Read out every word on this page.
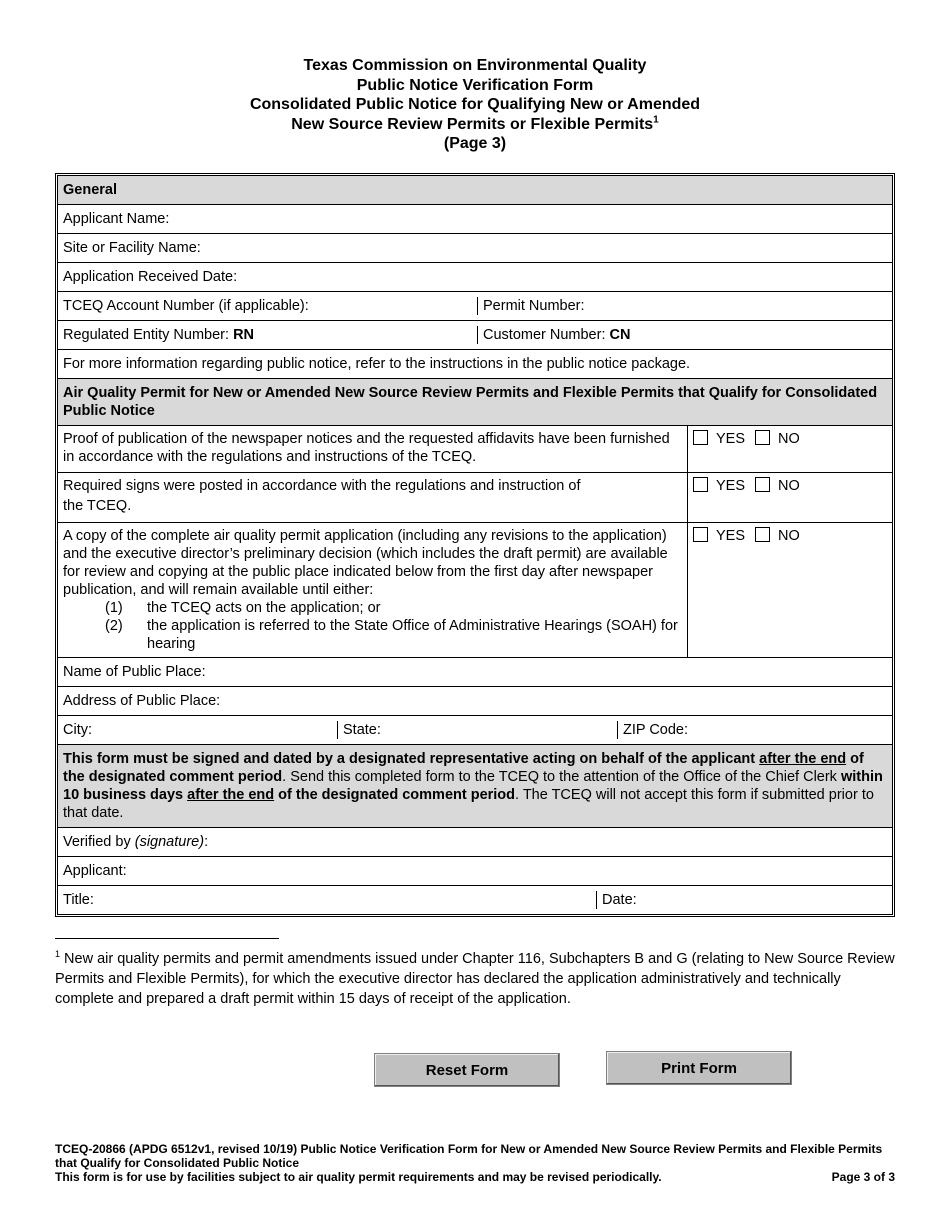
Texas Commission on Environmental Quality
Public Notice Verification Form
Consolidated Public Notice for Qualifying New or Amended
New Source Review Permits or Flexible Permits$^1$
(Page 3)
General
Applicant Name:
Site or Facility Name:
Application Received Date:
TCEQ Account Number (if applicable):	Permit Number:
Regulated Entity Number: RN	Customer Number: CN
For more information regarding public notice, refer to the instructions in the public notice package.
Air Quality Permit for New or Amended New Source Review Permits and Flexible Permits that Qualify for Consolidated Public Notice
Proof of publication of the newspaper notices and the requested affidavits have been furnished in accordance with the regulations and instructions of the TCEQ.
YES NO
Required signs were posted in accordance with the regulations and instruction of
the TCEQ.
YES NO
A copy of the complete air quality permit application (including any revisions to the application) and the executive director’s preliminary decision (which includes the draft permit) are available for review and copying at the public place indicated below from the first day after newspaper publication, and will remain available until either:
(1)	the TCEQ acts on the application; or
(2)	the application is referred to the State Office of Administrative Hearings (SOAH) for hearing
YES NO
Name of Public Place:
Address of Public Place:
City:	State:	ZIP Code:
This form must be signed and dated by a designated representative acting on behalf of the applicant after the end of the designated comment period. Send this completed form to the TCEQ to the attention of the Office of the Chief Clerk within 10 business days after the end of the designated comment period. The TCEQ will not accept this form if submitted prior to that date.
Verified by (signature):
Applicant:
Title:	Date:
$^1$ New air quality permits and permit amendments issued under Chapter 116, Subchapters B and G (relating to New Source Review Permits and Flexible Permits), for which the executive director has declared the application administratively and technically complete and prepared a draft permit within 15 days of receipt of the application.
Reset Form	Print Form
TCEQ-20866 (APDG 6512v1, revised 10/19) Public Notice Verification Form for New or Amended New Source Review Permits and Flexible Permits that Qualify for Consolidated Public Notice
This form is for use by facilities subject to air quality permit requirements and may be revised periodically.	Page 3 of 3
